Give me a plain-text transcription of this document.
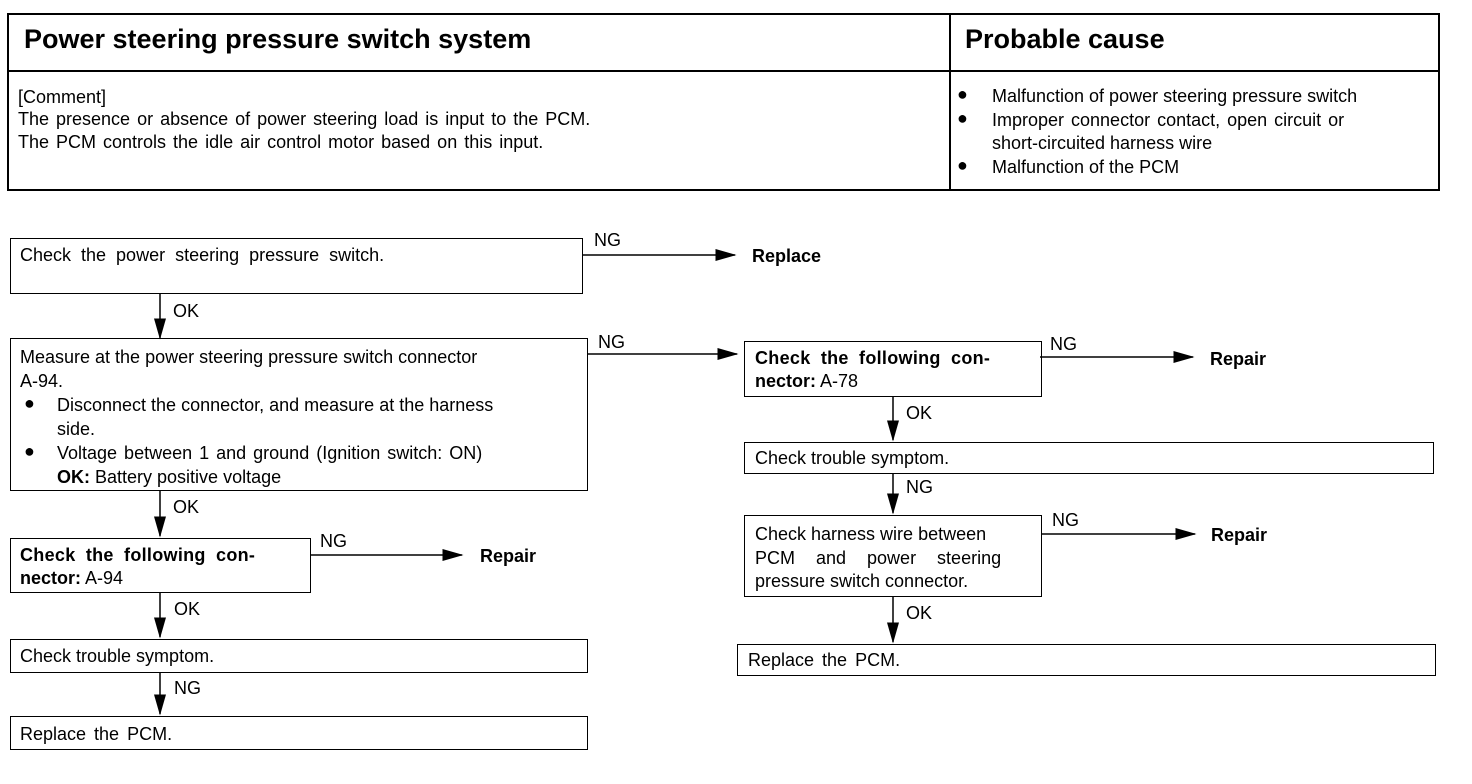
Power steering pressure switch system	Probable cause
[Comment]
The presence or absence of power steering load is input to the PCM.
The PCM controls the idle air control motor based on this input.
● Malfunction of power steering pressure switch
● Improper connector contact, open circuit or
short-circuited harness wire
● Malfunction of the PCM
Check the power steering pressure switch.
NG
Replace
OK
Measure at the power steering pressure switch connector
A-94.
● Disconnect the connector, and measure at the harness
side.
● Voltage between 1 and ground (Ignition switch: ON)
OK: Battery positive voltage
NG
OK
Check the following con-
nector: A-94
NG
Repair
OK
Check trouble symptom.
NG
Replace the PCM.
Check the following con-
nector: A-78
NG
Repair
OK
Check trouble symptom.
NG
Check harness wire between
PCM and power steering
pressure switch connector.
NG
Repair
OK
Replace the PCM.
